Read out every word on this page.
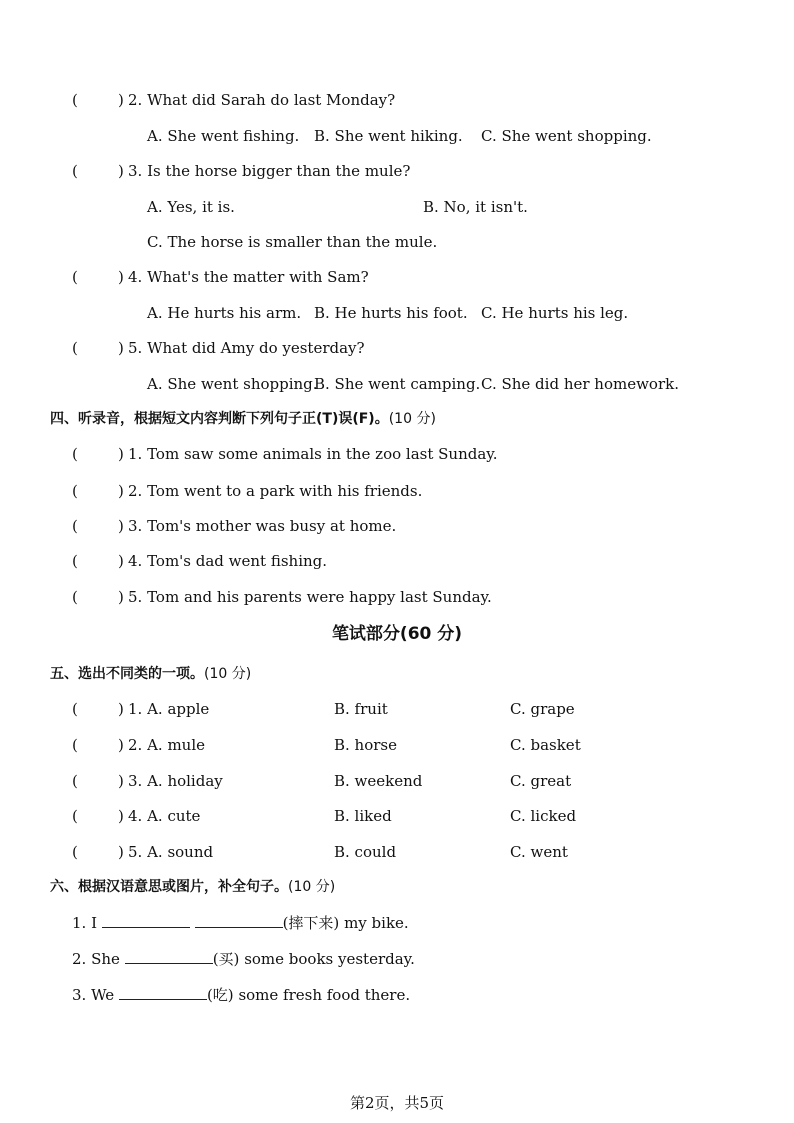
(	) 2. What did Sarah do last Monday?
A. She went fishing. B. She went hiking. C. She went shopping.
(	) 3. Is the horse bigger than the mule?
A. Yes, it is.	B. No, it isn't.
C. The horse is smaller than the mule.
(	) 4. What's the matter with Sam?
A. He hurts his arm. B. He hurts his foot. C. He hurts his leg.
(	) 5. What did Amy do yesterday?
A. She went shopping.
B. She went camping. C. She did her homework.
四、听录音，根据短文内容判断下列句子正(T)误(F)。(10 分)
(	) 1. Tom saw some animals in the zoo last Sunday.
(	) 2. Tom went to a park with his friends.
(	) 3. Tom's mother was busy at home.
(	) 4. Tom's dad went fishing.
(	) 5. Tom and his parents were happy last Sunday.
笔试部分(60 分)
五、选出不同类的一项。(10 分)
(	) 1. A. apple	B. fruit	C. grape
(	) 2. A. mule	B. horse	C. basket
(	) 3. A. holiday	B. weekend	C. great
(	) 4. A. cute	B. liked	C. licked
(	) 5. A. sound	B. could	C. went
六、根据汉语意思或图片，补全句子。(10 分)
1. I	(摔下来) my bike.
2. She	(买) some books yesterday.
3. We	(吃) some fresh food there.
第2页，共5页
